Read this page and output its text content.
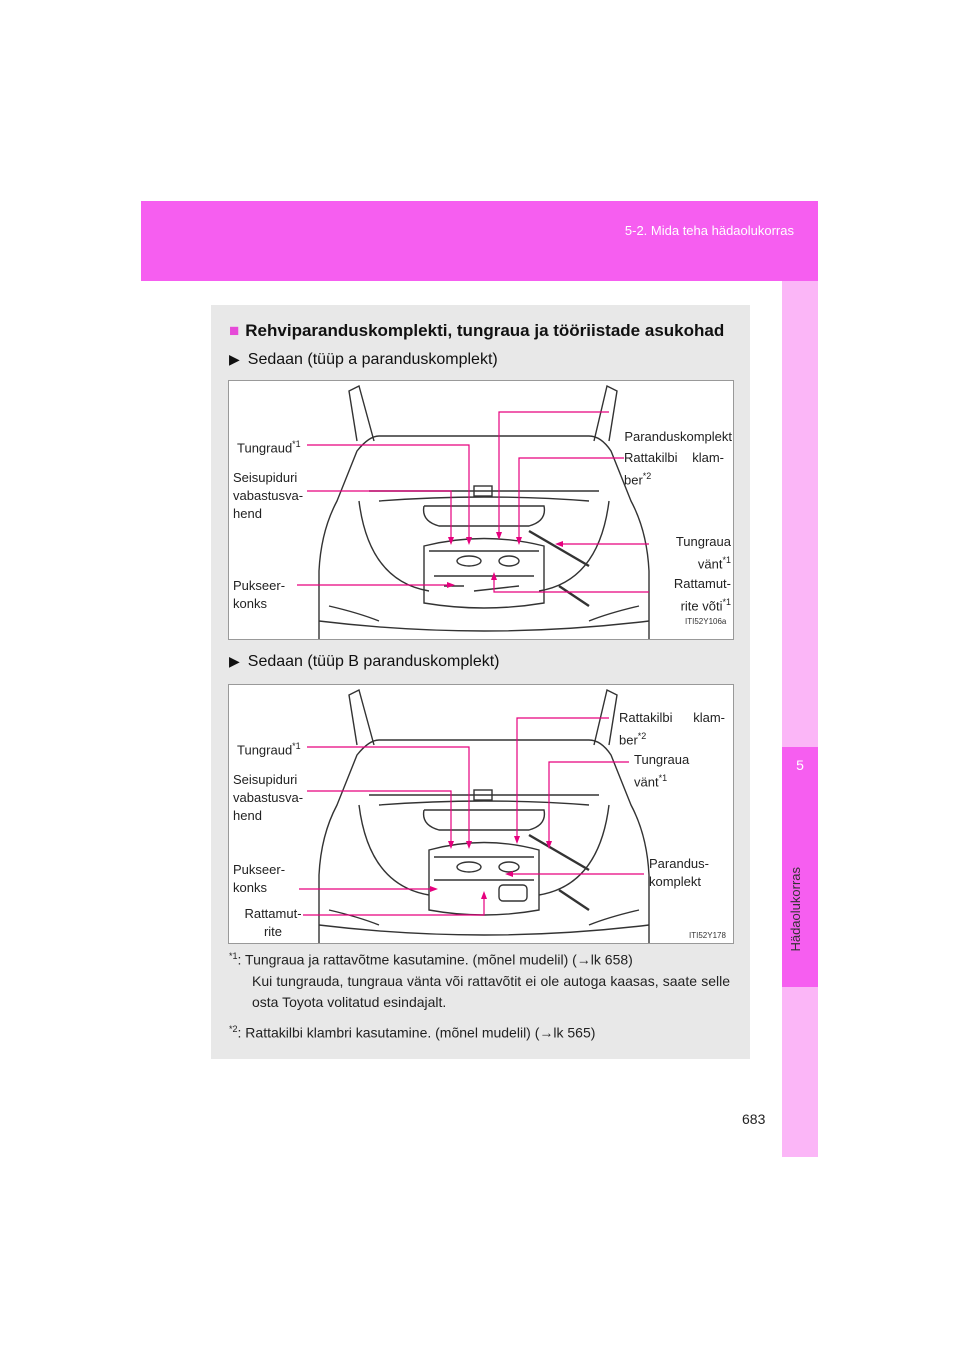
5-2. Mida teha hädaolukorras
5
Hädaolukorras
■ Rehviparanduskomplekti, tungraua ja tööriistade asukohad
▶ Sedaan (tüüp a paranduskomplekt)
Tungraud$^{*1}$
Seisupiduri vabastusva- hend
Pukseer- konks
Paranduskomplekt
Rattakilbi klam- ber$^{*2}$
Tungraua vänt$^{*1}$
Rattamut- rite võti$^{*1}$
ITI52Y106a
▶ Sedaan (tüüp B paranduskomplekt)
Tungraud$^{*1}$
Seisupiduri vabastusva- hend
Pukseer- konks
Rattamut- rite
Rattakilbi klam- ber$^{*2}$
Tungraua vänt$^{*1}$
Parandus- komplekt
ITI52Y178
$^{*1}$: Tungraua ja rattavõtme kasutamine. (mõnel mudelil) (→lk 658)
Kui tungrauda, tungraua vänta või rattavõtit ei ole autoga kaasas, saate selle osta Toyota volitatud esindajalt.
$^{*2}$: Rattakilbi klambri kasutamine. (mõnel mudelil) (→lk 565)
683
